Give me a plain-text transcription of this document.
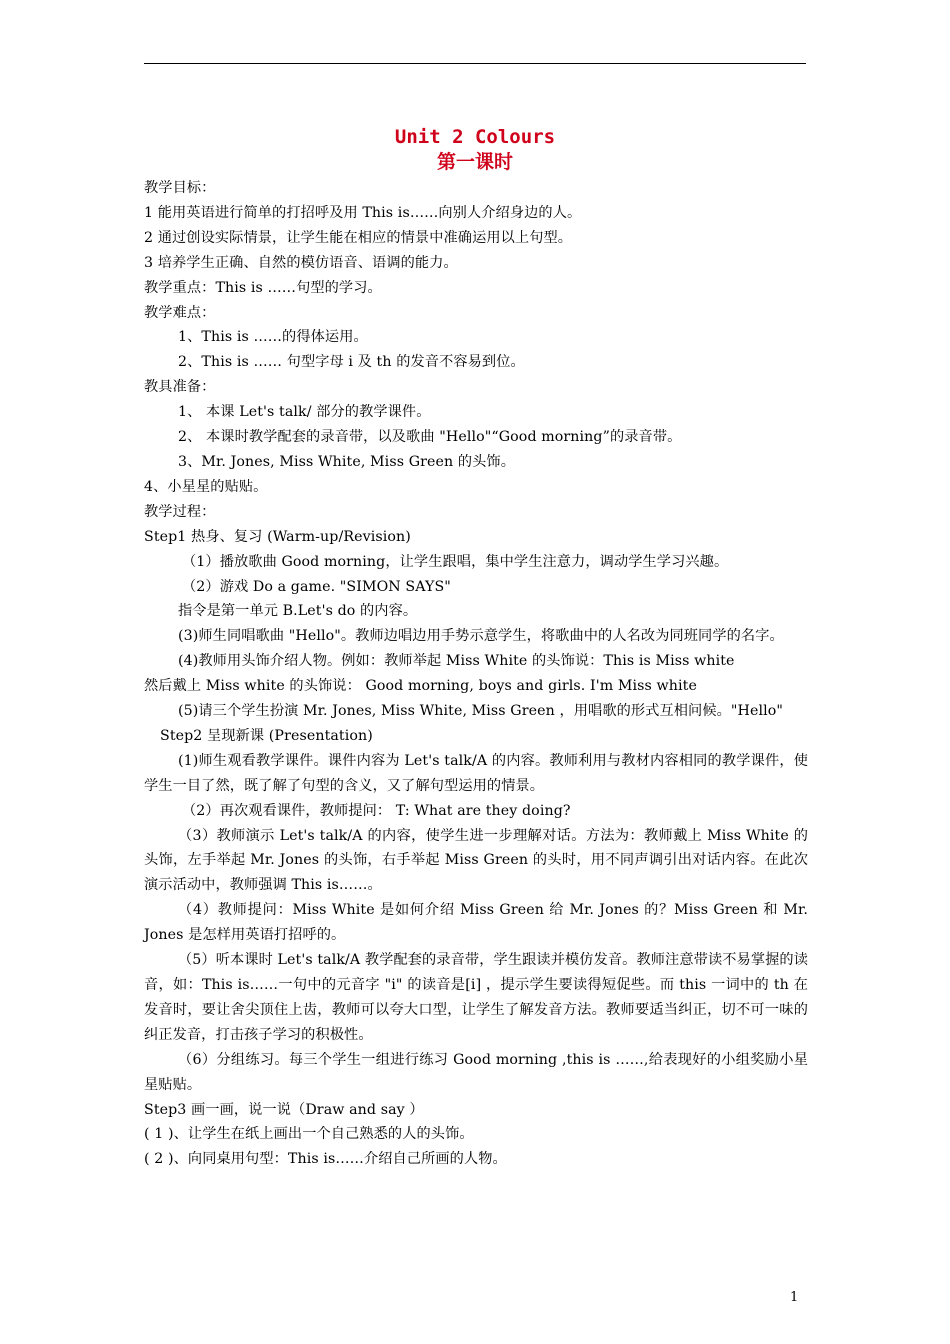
Unit 2 Colours
第一课时

教学目标：

1 能用英语进行简单的打招呼及用 This is……向别人介绍身边的人。

2 通过创设实际情景，让学生能在相应的情景中准确运用以上句型。

3 培养学生正确、自然的模仿语音、语调的能力。

教学重点：This is ……句型的学习。

教学难点：

1、This is ……的得体运用。

2、This is …… 句型字母 i 及 th 的发音不容易到位。

教具准备：

1、 本课 Let's talk/ 部分的教学课件。

2、 本课时教学配套的录音带，以及歌曲 "Hello"“Good morning”的录音带。

3、Mr. Jones, Miss White, Miss Green 的头饰。

4、小星星的贴贴。

教学过程：

Step1 热身、复习 (Warm-up/Revision)

（1）播放歌曲 Good morning，让学生跟唱，集中学生注意力，调动学生学习兴趣。

（2）游戏 Do a game. "SIMON SAYS"

指令是第一单元 B.Let's do 的内容。

(3)师生同唱歌曲 "Hello"。教师边唱边用手势示意学生，将歌曲中的人名改为同班同学的名字。

(4)教师用头饰介绍人物。例如：教师举起 Miss White 的头饰说：This is Miss white

然后戴上 Miss white 的头饰说： Good morning, boys and girls. I'm Miss white

(5)请三个学生扮演 Mr. Jones, Miss White, Miss Green ，用唱歌的形式互相问候。"Hello"

Step2 呈现新课 (Presentation)

(1)师生观看教学课件。课件内容为 Let's talk/A 的内容。教师利用与教材内容相同的教学课件，使学生一目了然，既了解了句型的含义，又了解句型运用的情景。

（2）再次观看课件，教师提问： T: What are they doing?

（3）教师演示 Let's talk/A 的内容，使学生进一步理解对话。方法为：教师戴上 Miss White 的头饰，左手举起 Mr. Jones 的头饰，右手举起 Miss Green 的头时，用不同声调引出对话内容。在此次演示活动中，教师强调 This is……。

（4）教师提问：Miss White 是如何介绍 Miss Green 给 Mr. Jones 的？Miss Green 和 Mr. Jones 是怎样用英语打招呼的。

（5）听本课时 Let's talk/A 教学配套的录音带，学生跟读并模仿发音。教师注意带读不易掌握的读音，如：This is……一句中的元音字 "i" 的读音是[i] ，提示学生要读得短促些。而 this 一词中的 th 在发音时，要让舍尖顶住上齿，教师可以夸大口型，让学生了解发音方法。教师要适当纠正，切不可一味的纠正发音，打击孩子学习的积极性。

（6）分组练习。每三个学生一组进行练习 Good morning ,this is ……,给表现好的小组奖励小星星贴贴。

Step3 画一画，说一说（Draw and say ）

( 1 )、让学生在纸上画出一个自己熟悉的人的头饰。

( 2 )、向同桌用句型：This is……介绍自己所画的人物。

1
